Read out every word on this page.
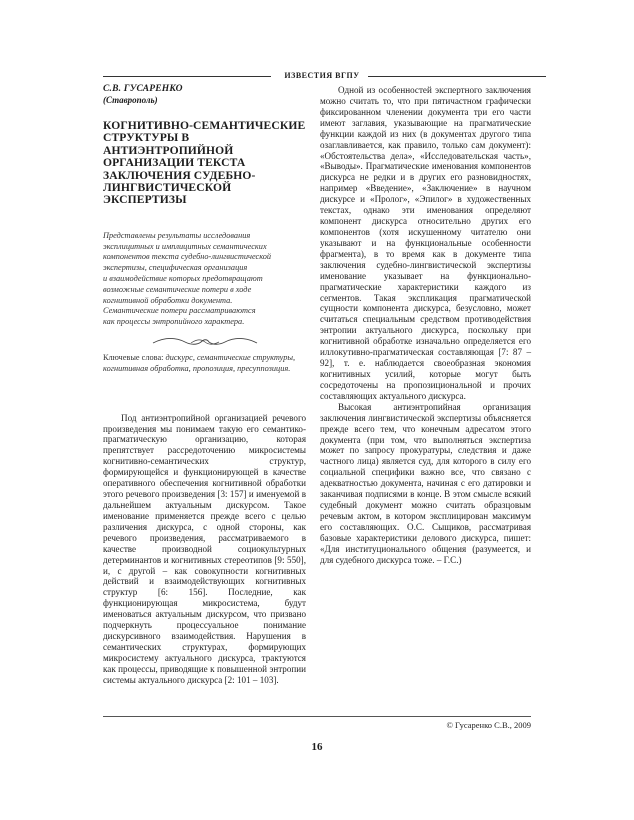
ИЗВЕСТИЯ ВГПУ
С.В. ГУСАРЕНКО
(Ставрополь)
КОГНИТИВНО-СЕМАНТИЧЕСКИЕ СТРУКТУРЫ В АНТИЭНТРОПИЙНОЙ ОРГАНИЗАЦИИ ТЕКСТА ЗАКЛЮЧЕНИЯ СУДЕБНО-ЛИНГВИСТИЧЕСКОЙ ЭКСПЕРТИЗЫ

Представлены результаты исследования

эксплицитных и имплицитных семантических

компонентов текста судебно-лингвистической

экспертизы, специфическая организация

и взаимодействие которых предотвращают

возможные семантические потери в ходе

когнитивной обработки документа.

Семантические потери рассматриваются

как процессы энтропийного характера.

Ключевые слова: дискурс, семантические структуры, когнитивная обработка, пропозиция, пресуппозиция.

Под антиэнтропийной организацией речевого произведения мы понимаем такую его семантико-прагматическую организацию, которая препятствует рассредоточению микросистемы когнитивно-семантических структур, формирующейся и функционирующей в качестве оперативного обеспечения когнитивной обработки этого речевого произведения [3: 157] и именуемой в дальнейшем актуальным дискурсом. Такое именование применяется прежде всего с целью различения дискурса, с одной стороны, как речевого произведения, рассматриваемого в качестве производной социокультурных детерминантов и когнитивных стереотипов [9: 550], и, с другой – как совокупности когнитивных действий и взаимодействующих когнитивных структур [6: 156]. Последние, как функционирующая микросистема, будут именоваться актуальным дискурсом, что призвано подчеркнуть процессуальное понимание дискурсивного взаимодействия. Нарушения в семантических структурах, формирующих микросистему актуального дискурса, трактуются как процессы, приводящие к повышенной энтропии системы актуального дискурса [2: 101 – 103].

Одной из особенностей экспертного заключения можно считать то, что при пятичастном графически фиксированном членении документа три его части имеют заглавия, указывающие на прагматические функции каждой из них (в документах другого типа озаглавливается, как правило, только сам документ): «Обстоятельства дела», «Исследовательская часть», «Выводы». Прагматические именования компонентов дискурса не редки и в других его разновидностях, например «Введение», «Заключение» в научном дискурсе и «Пролог», «Эпилог» в художественных текстах, однако эти именования определяют компонент дискурса относительно других его компонентов (хотя искушенному читателю они указывают и на функциональные особенности фрагмента), в то время как в документе типа заключения судебно-лингвистической экспертизы именование указывает на функционально-прагматические характеристики каждого из сегментов. Такая экспликация прагматической сущности компонента дискурса, безусловно, может считаться специальным средством противодействия энтропии актуального дискурса, поскольку при когнитивной обработке изначально определяется его иллокутивно-прагматическая составляющая [7: 87 – 92], т. е. наблюдается своеобразная экономия когнитивных усилий, которые могут быть сосредоточены на пропозициональной и прочих составляющих актуального дискурса.

Высокая антиэнтропийная организация заключения лингвистической экспертизы объясняется прежде всего тем, что конечным адресатом этого документа (при том, что выполняться экспертиза может по запросу прокуратуры, следствия и даже частного лица) является суд, для которого в силу его социальной специфики важно все, что связано с адекватностью документа, начиная с его датировки и заканчивая подписями в конце. В этом смысле всякий судебный документ можно считать образцовым речевым актом, в котором эксплицирован максимум его составляющих. О.С. Сыщиков, рассматривая базовые характеристики делового дискурса, пишет: «Для институционального общения (разумеется, и для судебного дискурса тоже. – Г.С.)

© Гусаренко С.В., 2009
16
